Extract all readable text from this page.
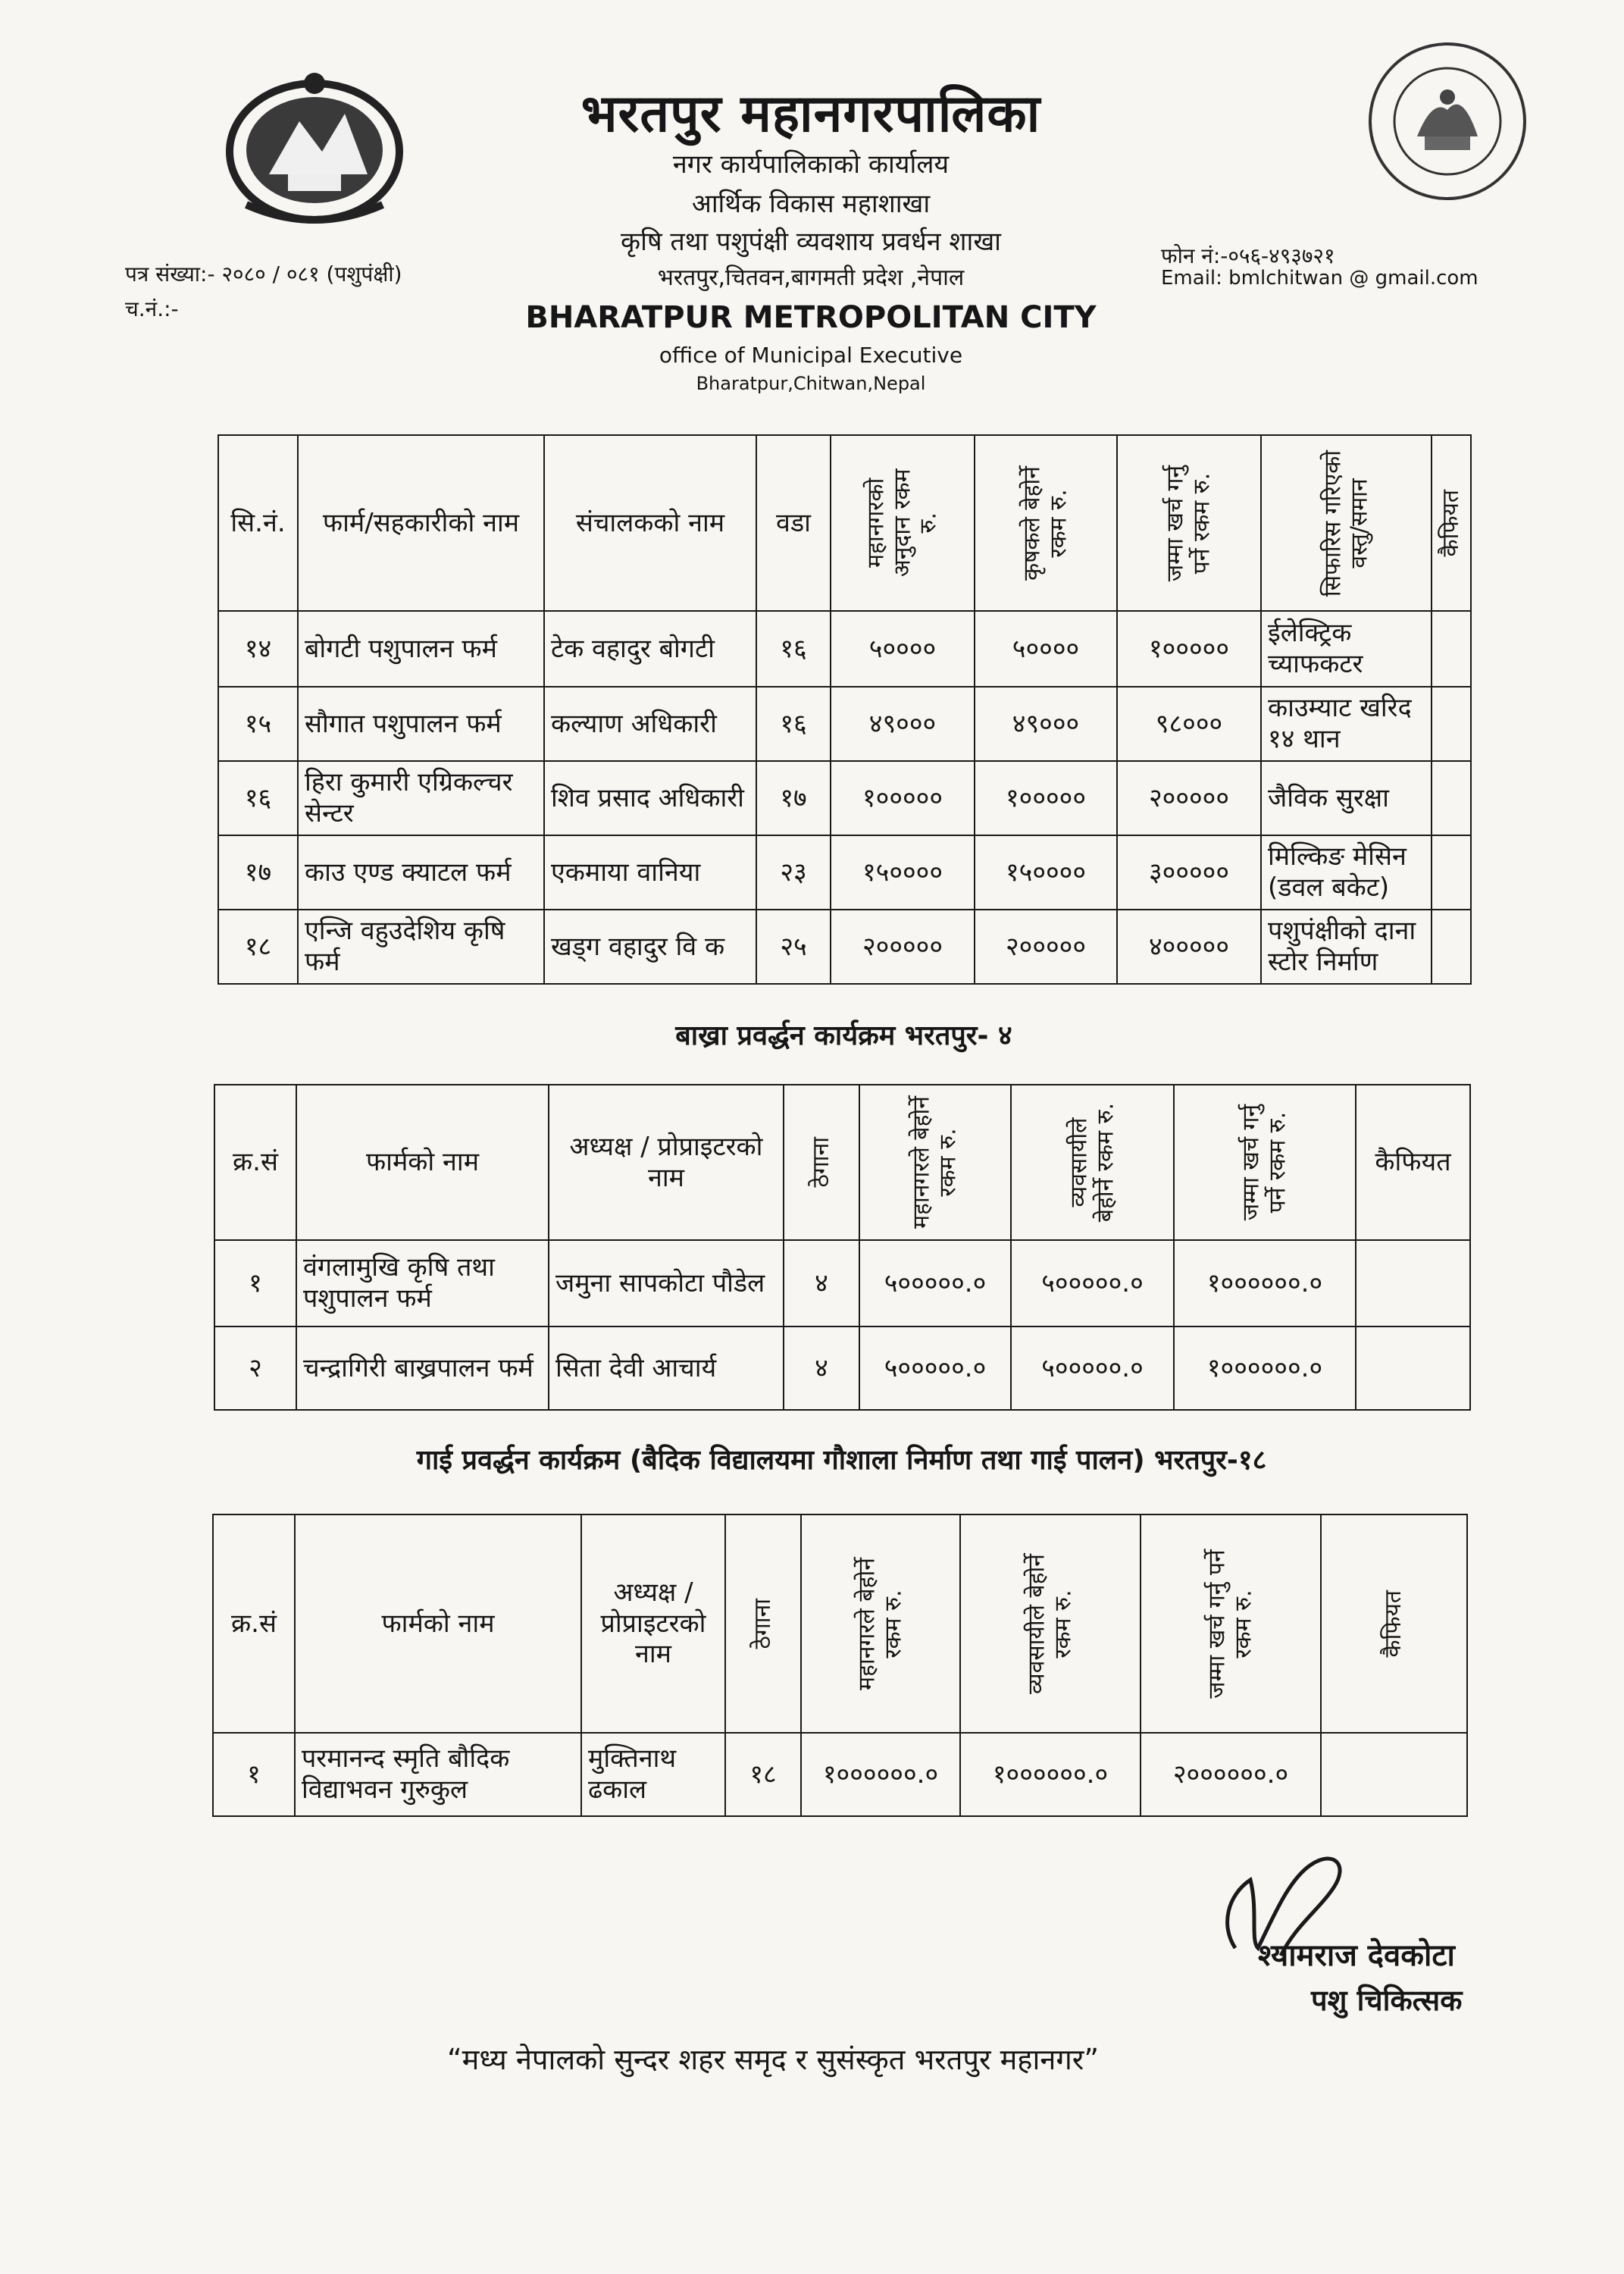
भरतपुर महानगरपालिका
नगर कार्यपालिकाको कार्यालय
आर्थिक विकास महाशाखा
कृषि तथा पशुपंक्षी व्यवशाय प्रवर्धन शाखा
भरतपुर,चितवन,बागमती प्रदेश ,नेपाल
BHARATPUR METROPOLITAN CITY
office of Municipal Executive
Bharatpur,Chitwan,Nepal
पत्र संख्या:- २०८० / ०८१ (पशुपंक्षी)
च.नं.:-
फोन नं:-०५६-४९३७२१
Email: bmlchitwan @ gmail.com
सि.नं.	फार्म/सहकारीको नाम	संचालकको नाम	वडा	महानगरको अनुदान रकम रु.	कृषकले बेहोर्ने रकम रु.	जम्मा खर्च गर्नु पर्ने रकम रु.	सिफारिस गरिएको वस्तु/समान	कैफियत

१४	बोगटी पशुपालन फर्म	टेक वहादुर बोगटी	१६	५००००	५००००	१०००००	ईलेक्ट्रिक च्याफकटर	
१५	सौगात पशुपालन फर्म	कल्याण अधिकारी	१६	४९०००	४९०००	९८०००	काउम्याट खरिद १४ थान	
१६	हिरा कुमारी एग्रिकल्चर सेन्टर	शिव प्रसाद अधिकारी	१७	१०००००	१०००००	२०००००	जैविक सुरक्षा	
१७	काउ एण्ड क्याटल फर्म	एकमाया वानिया	२३	१५००००	१५००००	३०००००	मिल्किङ मेसिन (डवल बकेट)	
१८	एन्जि वहुउदेशिय कृषि फर्म	खड्ग वहादुर वि क	२५	२०००००	२०००००	४०००००	पशुपंक्षीको दाना स्टोर निर्माण	
बाख्रा प्रवर्द्धन कार्यक्रम भरतपुर- ४
क्र.सं	फार्मको नाम	अध्यक्ष / प्रोप्राइटरको नाम	ठेगाना	महानगरले बेहोर्ने रकम रु.	व्यवसायीले बेहोर्ने रकम रु.	जम्मा खर्च गर्नु पर्ने रकम रु.	कैफियत
१	वंगलामुखि कृषि तथा पशुपालन फर्म	जमुना सापकोटा पौडेल	४	५०००००.०	५०००००.०	१००००००.०	
२	चन्द्रागिरी बाख्रपालन फर्म	सिता देवी आचार्य	४	५०००००.०	५०००००.०	१००००००.०	
गाई प्रवर्द्धन कार्यक्रम (बैदिक विद्यालयमा गौशाला निर्माण तथा गाई पालन) भरतपुर-१८
क्र.सं	फार्मको नाम	अध्यक्ष / प्रोप्राइटरको नाम	ठेगाना	महानगरले बेहोर्ने रकम रु.	व्यवसायीले बेहोर्ने रकम रु.	जम्मा खर्च गर्नु पर्ने रकम रु.	कैफियत

१	परमानन्द स्मृति बौदिक विद्याभवन गुरुकुल	मुक्तिनाथ ढकाल	१८	१००००००.०	१००००००.०	२००००००.०	
श्यामराज देवकोटा
पशु चिकित्सक
“मध्य नेपालको सुन्दर शहर समृद र सुसंस्कृत भरतपुर महानगर”
